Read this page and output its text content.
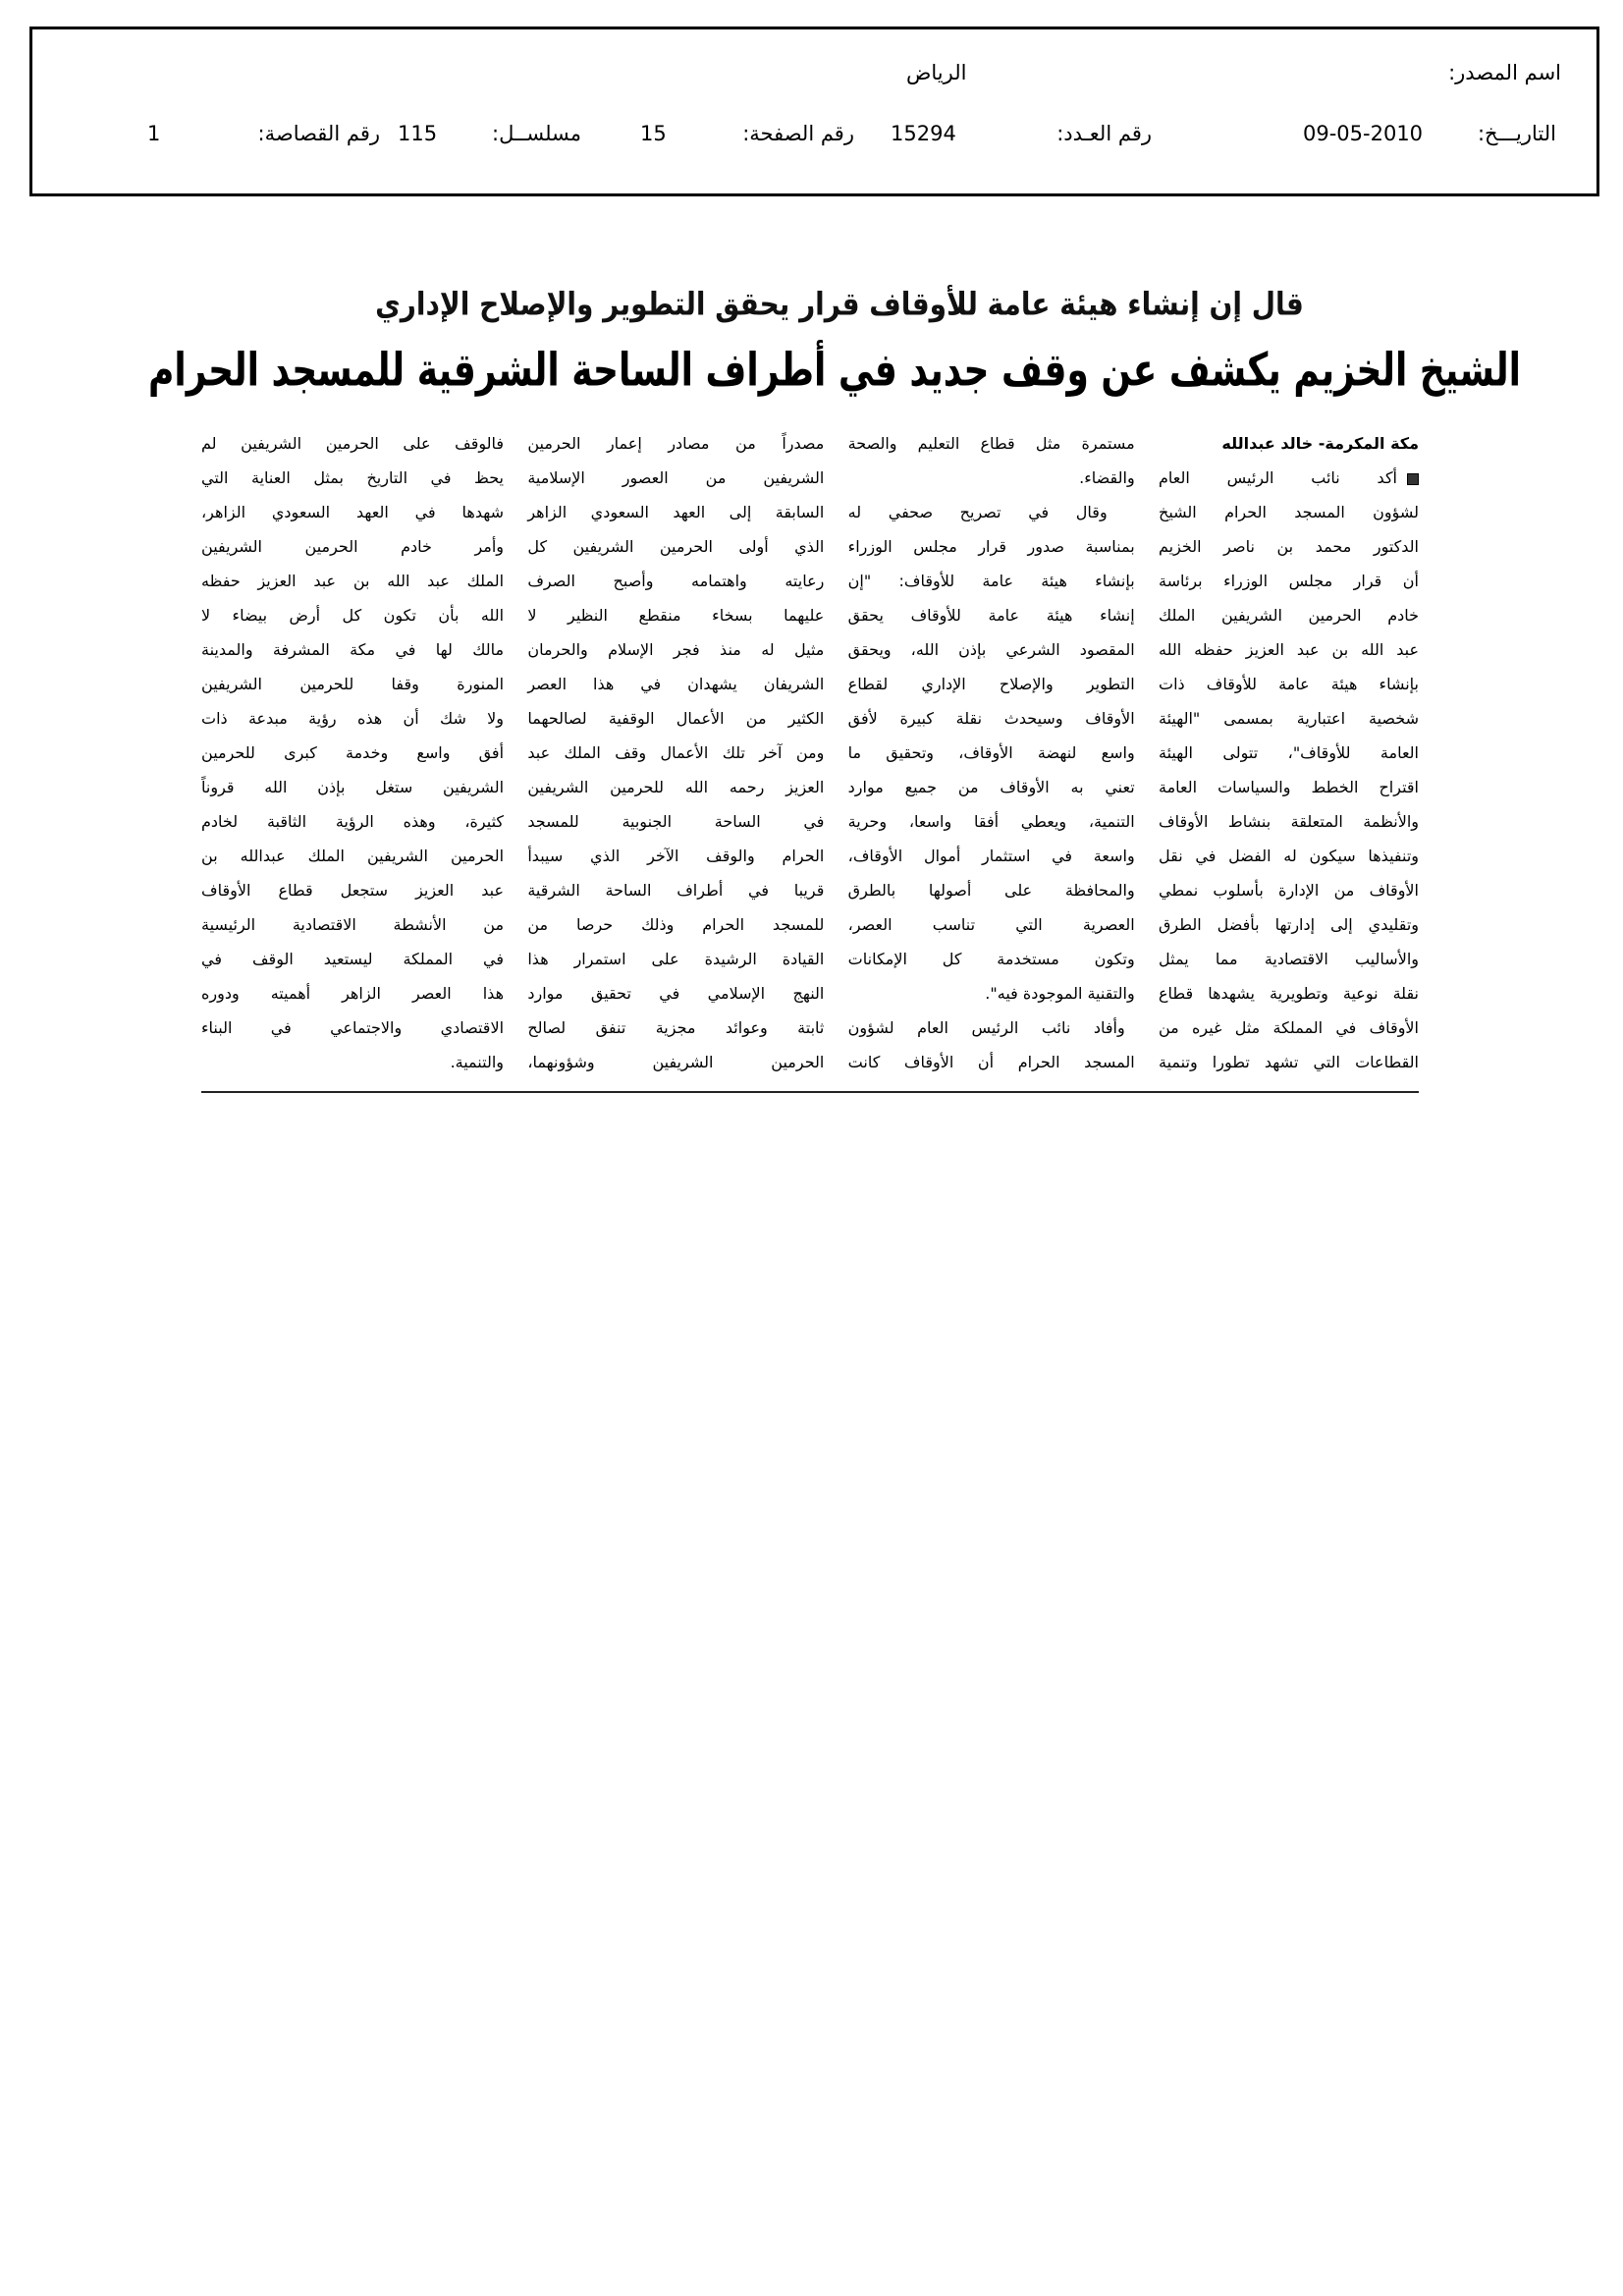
اسم المصدر:
الرياض
التاريـــخ:
09-05-2010
رقم العـدد:
15294
رقم الصفحة:
15
مسلســل:
115
رقم القصاصة:
1
قال إن إنشاء هيئة عامة للأوقاف قرار يحقق التطوير والإصلاح الإداري
الشيخ الخزيم يكشف عن وقف جديد في أطراف الساحة الشرقية للمسجد الحرام
مكة المكرمة- خالد عبدالله
أكد نائب الرئيس العام
لشؤون المسجد الحرام الشيخ
الدكتور محمد بن ناصر الخزيم
أن قرار مجلس الوزراء برئاسة
خادم الحرمين الشريفين الملك
عبد الله بن عبد العزيز حفظه الله
بإنشاء هيئة عامة للأوقاف ذات
شخصية اعتبارية بمسمى "الهيئة
العامة للأوقاف"، تتولى الهيئة
اقتراح الخطط والسياسات العامة
والأنظمة المتعلقة بنشاط الأوقاف
وتنفيذها سيكون له الفضل في نقل
الأوقاف من الإدارة بأسلوب نمطي
وتقليدي إلى إدارتها بأفضل الطرق
والأساليب الاقتصادية مما يمثل
نقلة نوعية وتطويرية يشهدها قطاع
الأوقاف في المملكة مثل غيره من
القطاعات التي تشهد تطورا وتنمية
مستمرة مثل قطاع التعليم والصحة
والقضاء.
وقال في تصريح صحفي له
بمناسبة صدور قرار مجلس الوزراء
بإنشاء هيئة عامة للأوقاف: "إن
إنشاء هيئة عامة للأوقاف يحقق
المقصود الشرعي بإذن الله، ويحقق
التطوير والإصلاح الإداري لقطاع
الأوقاف وسيحدث نقلة كبيرة لأفق
واسع لنهضة الأوقاف، وتحقيق ما
تعني به الأوقاف من جميع موارد
التنمية، ويعطي أفقا واسعا، وحرية
واسعة في استثمار أموال الأوقاف،
والمحافظة على أصولها بالطرق
العصرية التي تناسب العصر،
وتكون مستخدمة كل الإمكانات
والتقنية الموجودة فيه".
وأفاد نائب الرئيس العام لشؤون
المسجد الحرام أن الأوقاف كانت
مصدراً من مصادر إعمار الحرمين
الشريفين من العصور الإسلامية
السابقة إلى العهد السعودي الزاهر
الذي أولى الحرمين الشريفين كل
رعايته واهتمامه وأصبح الصرف
عليهما بسخاء منقطع النظير لا
مثيل له منذ فجر الإسلام والحرمان
الشريفان يشهدان في هذا العصر
الكثير من الأعمال الوقفية لصالحهما
ومن آخر تلك الأعمال وقف الملك عبد
العزيز رحمه الله للحرمين الشريفين
في الساحة الجنوبية للمسجد
الحرام والوقف الآخر الذي سيبدأ
قريبا في أطراف الساحة الشرقية
للمسجد الحرام وذلك حرصا من
القيادة الرشيدة على استمرار هذا
النهج الإسلامي في تحقيق موارد
ثابتة وعوائد مجزية تنفق لصالح
الحرمين الشريفين وشؤونهما،
فالوقف على الحرمين الشريفين لم
يحظ في التاريخ بمثل العناية التي
شهدها في العهد السعودي الزاهر،
وأمر خادم الحرمين الشريفين
الملك عبد الله بن عبد العزيز حفظه
الله بأن تكون كل أرض بيضاء لا
مالك لها في مكة المشرفة والمدينة
المنورة وقفا للحرمين الشريفين
ولا شك أن هذه رؤية مبدعة ذات
أفق واسع وخدمة كبرى للحرمين
الشريفين ستغل بإذن الله قروناً
كثيرة، وهذه الرؤية الثاقبة لخادم
الحرمين الشريفين الملك عبدالله بن
عبد العزيز ستجعل قطاع الأوقاف
من الأنشطة الاقتصادية الرئيسية
في المملكة ليستعيد الوقف في
هذا العصر الزاهر أهميته ودوره
الاقتصادي والاجتماعي في البناء
والتنمية.
